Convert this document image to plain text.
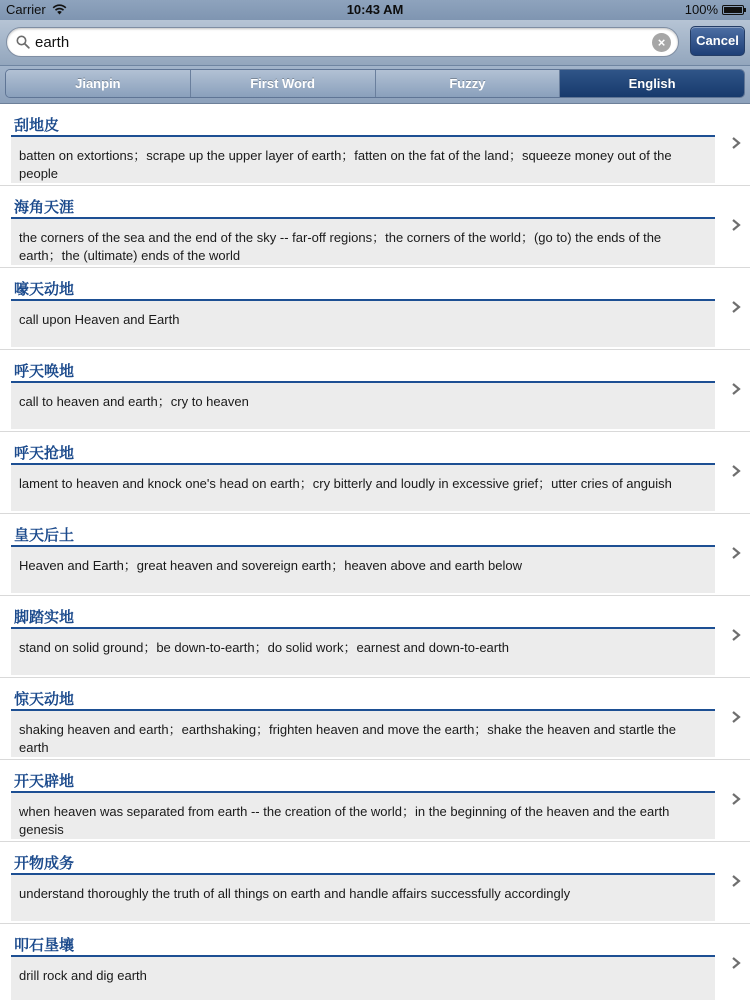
Carrier	10:43 AM	100%
earth
×	Cancel
Jianpin	First Word	Fuzzy	English
刮地皮
batten on extortions；scrape up the upper layer of earth；fatten on the fat of the land；squeeze money out of the people
海角天涯
the corners of the sea and the end of the sky -- far-off regions；the corners of the world；(go to) the ends of the earth；the (ultimate) ends of the world
嚎天动地
call upon Heaven and Earth
呼天唤地
call to heaven and earth；cry to heaven
呼天抢地
lament to heaven and knock one's head on earth；cry bitterly and loudly in excessive grief；utter cries of anguish
皇天后土
Heaven and Earth；great heaven and sovereign earth；heaven above and earth below
脚踏实地
stand on solid ground；be down-to-earth；do solid work；earnest and down-to-earth
惊天动地
shaking heaven and earth；earthshaking；frighten heaven and move the earth；shake the heaven and startle the earth
开天辟地
when heaven was separated from earth -- the creation of the world；in the beginning of the heaven and the earth genesis
开物成务
understand thoroughly the truth of all things on earth and handle affairs successfully accordingly
叩石垦壤
drill rock and dig earth
